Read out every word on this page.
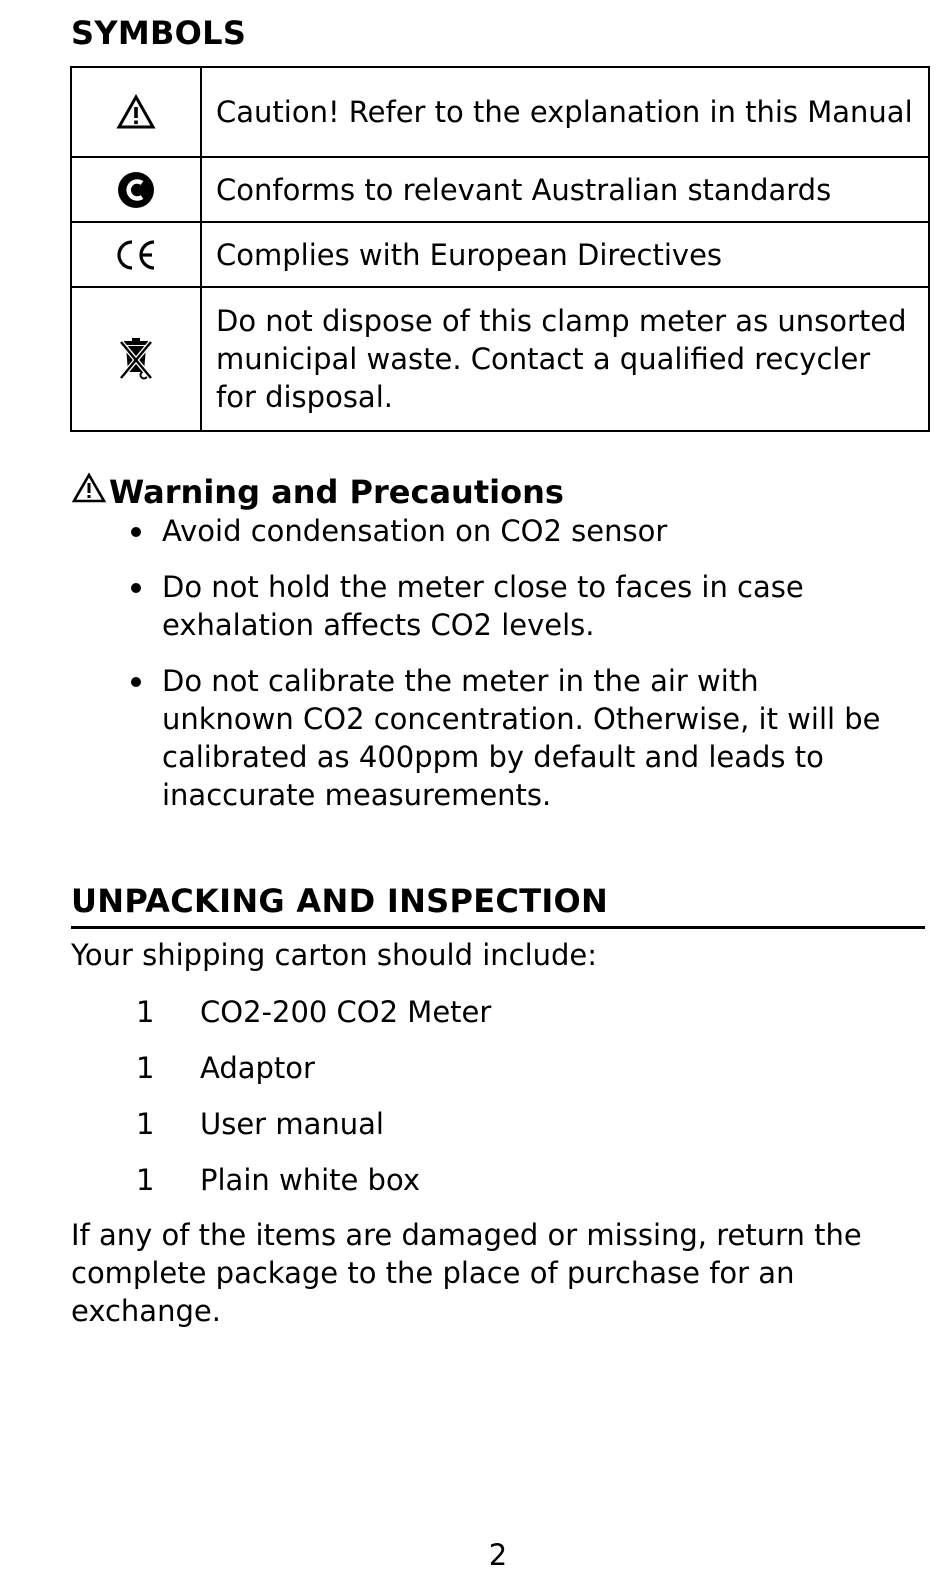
SYMBOLS
	Caution! Refer to the explanation in this Manual

	Conforms to relevant Australian standards

	Complies with European Directives

	Do not dispose of this clamp meter as unsorted municipal waste. Contact a qualified recycler for disposal.
Warning and Precautions
Avoid condensation on CO2 sensor
Do not hold the meter close to faces in case exhalation affects CO2 levels.
Do not calibrate the meter in the air with unknown CO2 concentration. Otherwise, it will be calibrated as 400ppm by default and leads to inaccurate measurements.
UNPACKING AND INSPECTION
Your shipping carton should include:
1	CO2-200 CO2 Meter
1	Adaptor
1	User manual
1	Plain white box
If any of the items are damaged or missing, return the complete package to the place of purchase for an exchange.
2
